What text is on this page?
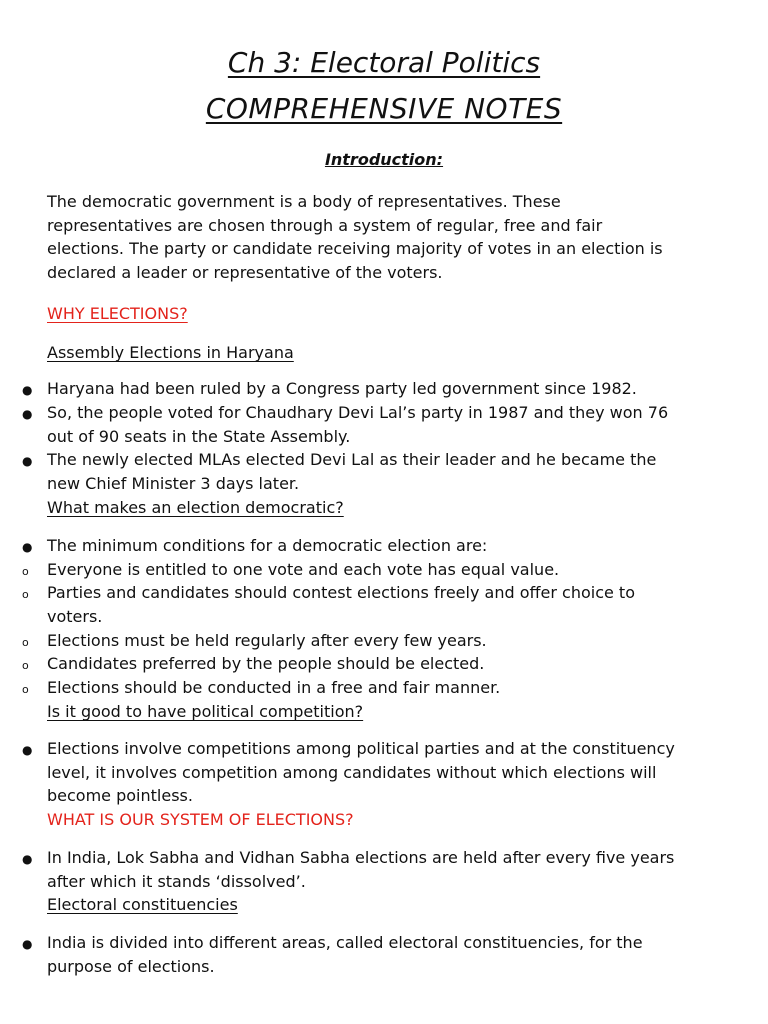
Ch 3: Electoral Politics
COMPREHENSIVE NOTES
Introduction:
The democratic government is a body of representatives. These
representatives are chosen through a system of regular, free and fair
elections. The party or candidate receiving majority of votes in an election is
declared a leader or representative of the voters.
WHY ELECTIONS?
Assembly Elections in Haryana
● Haryana had been ruled by a Congress party led government since 1982.
● So, the people voted for Chaudhary Devi Lal’s party in 1987 and they won 76
out of 90 seats in the State Assembly.
● The newly elected MLAs elected Devi Lal as their leader and he became the
new Chief Minister 3 days later.
What makes an election democratic?
● The minimum conditions for a democratic election are:
o Everyone is entitled to one vote and each vote has equal value.
o Parties and candidates should contest elections freely and offer choice to
voters.
o Elections must be held regularly after every few years.
o Candidates preferred by the people should be elected.
o Elections should be conducted in a free and fair manner.
Is it good to have political competition?
● Elections involve competitions among political parties and at the constituency
level, it involves competition among candidates without which elections will
become pointless.
WHAT IS OUR SYSTEM OF ELECTIONS?
● In India, Lok Sabha and Vidhan Sabha elections are held after every five years
after which it stands ‘dissolved’.
Electoral constituencies
● India is divided into different areas, called electoral constituencies, for the
purpose of elections.
